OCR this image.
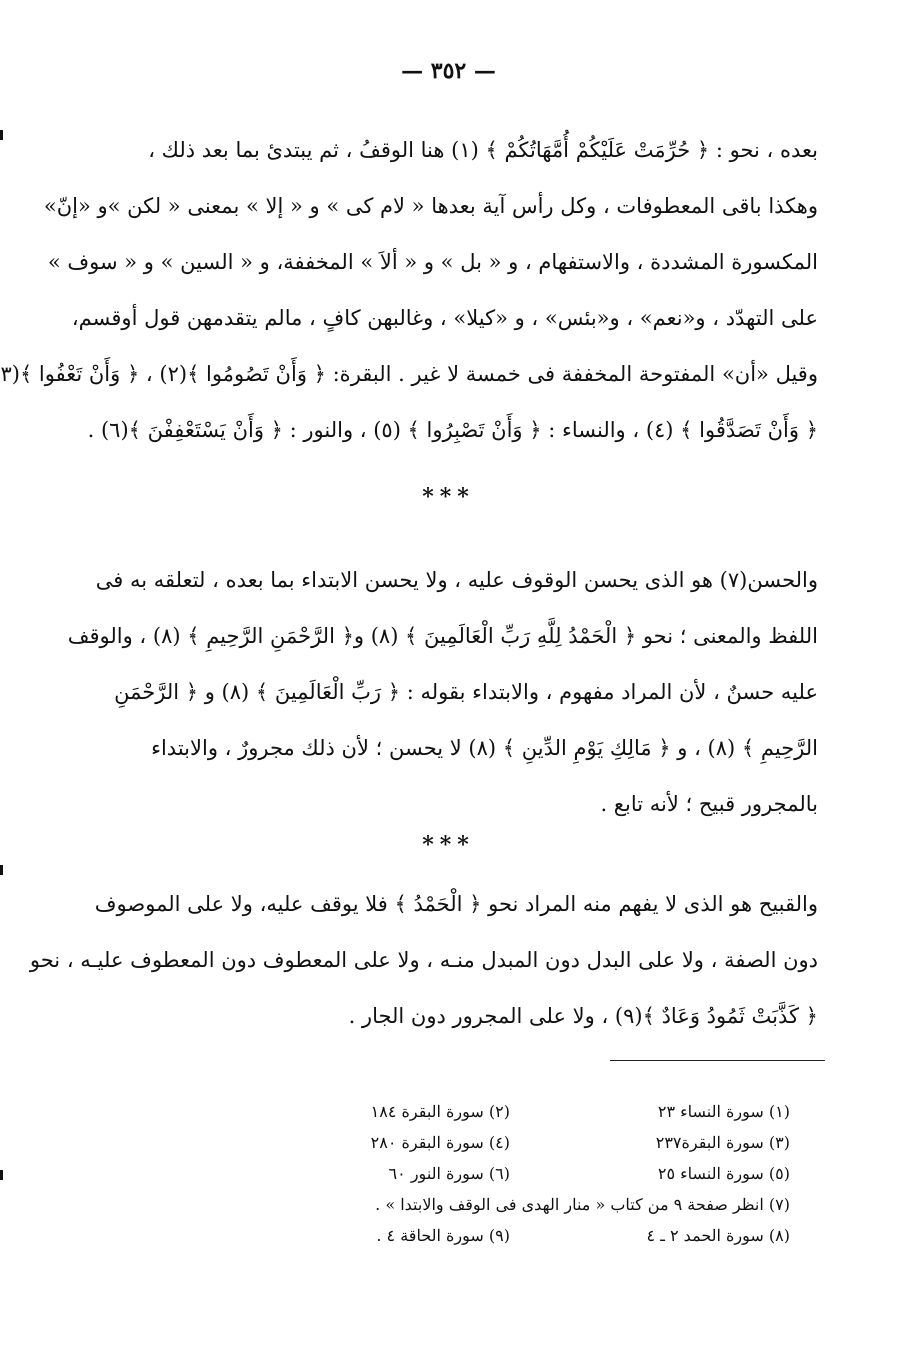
— ٣٥٢ —

بعده ، نحو : ﴿ حُرِّمَتْ عَلَيْكُمْ أُمَّهَاتُكُمْ ﴾ (١) هنا الوقفُ ، ثم يبتدئ بما بعد ذلك ،

وهكذا باقى المعطوفات ، وكل رأس آية بعدها « لام كى » و « إلا » بمعنى « لكن »و «إنّ»

المكسورة المشددة ، والاستفهام ، و « بل » و « ألاَ » المخففة، و « السين » و « سوف »

على التهدّد ، و«نعم» ، و«بئس» ، و «كيلا» ، وغالبهن كافٍ ، مالم يتقدمهن قول أوقسم،

وقيل «أن» المفتوحة المخففة فى خمسة لا غير . البقرة: ﴿ وَأَنْ تَصُومُوا ﴾(٢) ، ﴿ وَأَنْ تَعْفُوا ﴾(٣

﴿ وَأَنْ تَصَدَّقُوا ﴾ (٤) ، والنساء : ﴿ وَأَنْ تَصْبِرُوا ﴾ (٥) ، والنور : ﴿ وَأَنْ يَسْتَعْفِفْنَ ﴾(٦) .

***

والحسن(٧) هو الذى يحسن الوقوف عليه ، ولا يحسن الابتداء بما بعده ، لتعلقه به فى

اللفظ والمعنى ؛ نحو ﴿ الْحَمْدُ لِلَّهِ رَبِّ الْعَالَمِينَ ﴾ (٨) و﴿ الرَّحْمَنِ الرَّحِيمِ ﴾ (٨) ، والوقف

عليه حسنٌ ، لأن المراد مفهوم ، والابتداء بقوله : ﴿ رَبِّ الْعَالَمِينَ ﴾ (٨) و ﴿ الرَّحْمَنِ

الرَّحِيمِ ﴾ (٨) ، و ﴿ مَالِكِ يَوْمِ الدِّينِ ﴾ (٨) لا يحسن ؛ لأن ذلك مجرورٌ ، والابتداء

بالمجرور قبيح ؛ لأنه تابع .

***

والقبيح هو الذى لا يفهم منه المراد نحو ﴿ الْحَمْدُ ﴾ فلا يوقف عليه، ولا على الموصوف

دون الصفة ، ولا على البدل دون المبدل منـه ، ولا على المعطوف دون المعطوف عليـه ، نحو

﴿ كَذَّبَتْ ثَمُودُ وَعَادٌ ﴾(٩) ، ولا على المجرور دون الجار .

(١) سورة النساء ٢٣
(٢) سورة البقرة ١٨٤
(٣) سورة البقرة٢٣٧
(٤) سورة البقرة ٢٨٠
(٥) سورة النساء ٢٥
(٦) سورة النور ٦٠
(٧) انظر صفحة ٩ من كتاب « منار الهدى فى الوقف والابتدا » .
(٨) سورة الحمد ٢ ـ ٤
(٩) سورة الحاقة ٤ .
